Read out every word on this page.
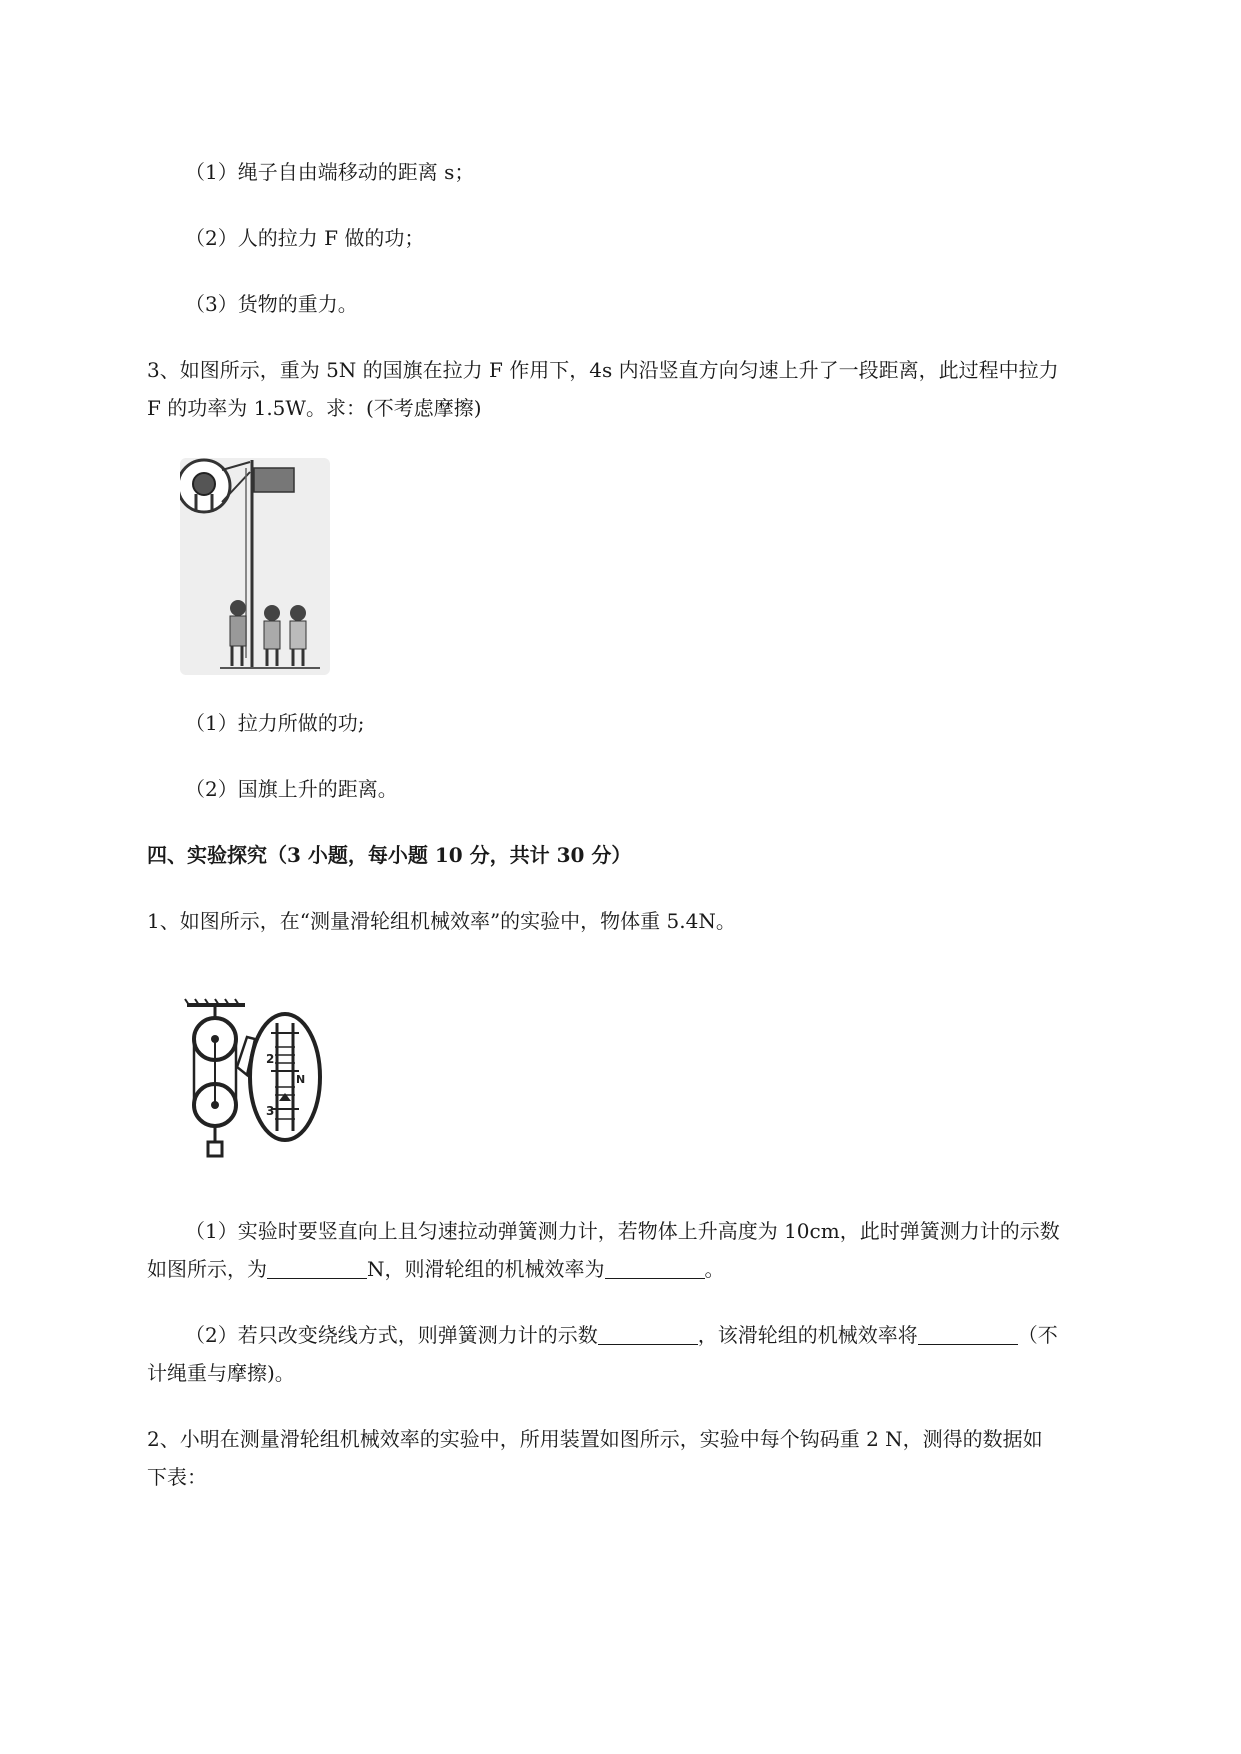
（1）绳子自由端移动的距离 s；
（2）人的拉力 F 做的功；
（3）货物的重力。
3、如图所示，重为 5N 的国旗在拉力 F 作用下，4s 内沿竖直方向匀速上升了一段距离，此过程中拉力
F 的功率为 1.5W。求：(不考虑摩擦)
（1）拉力所做的功;
（2）国旗上升的距离。
四、实验探究（3 小题，每小题 10 分，共计 30 分）
1、如图所示，在“测量滑轮组机械效率”的实验中，物体重 5.4N。
2
N
3
（1）实验时要竖直向上且匀速拉动弹簧测力计，若物体上升高度为 10cm，此时弹簧测力计的示数
如图所示，为	N，则滑轮组的机械效率为	。
（2）若只改变绕线方式，则弹簧测力计的示数	，该滑轮组的机械效率将	（不
计绳重与摩擦)。
2、小明在测量滑轮组机械效率的实验中，所用装置如图所示，实验中每个钩码重 2 N，测得的数据如
下表：
